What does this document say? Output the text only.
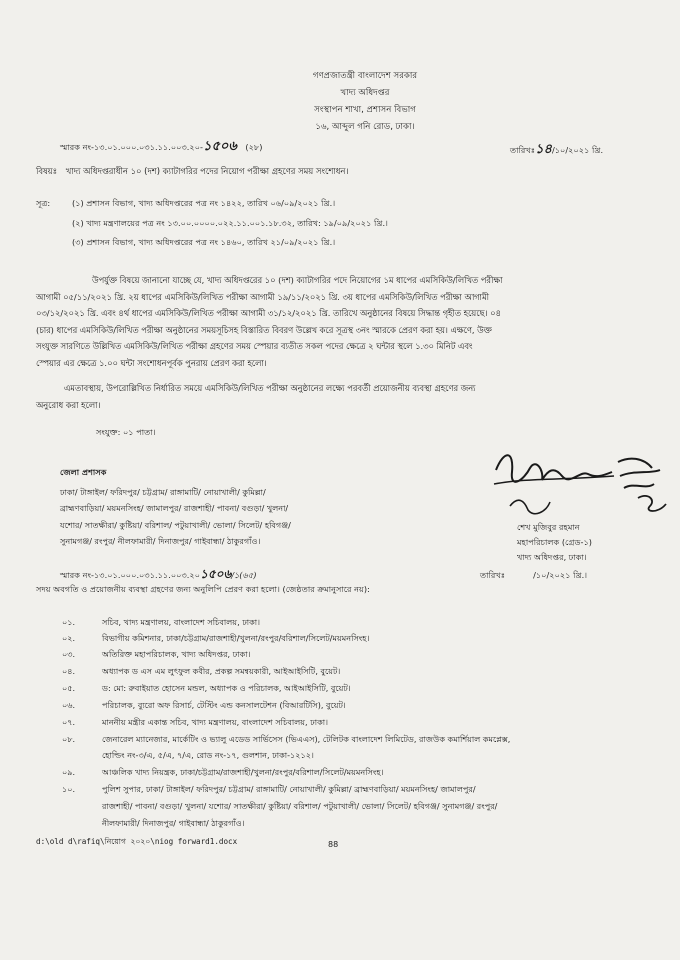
গণপ্রজাতন্ত্রী বাংলাদেশ সরকার
খাদ্য অধিদপ্তর
সংস্থাপন শাখা, প্রশাসন বিভাগ
১৬, আব্দুল গনি রোড, ঢাকা।
স্মারক নং-১৩.০১.০০০.০৩১.১১.০০৩.২০-১৫০৬ (২৮)	তারিখঃ১৪/১০/২০২১ খ্রি.
বিষয়ঃ খাদ্য অধিদপ্তরাধীন ১০ (দশ) ক্যাটাগরির পদের নিয়োগ পরীক্ষা গ্রহণের সময় সংশোধন।
সূত্র:	(১) প্রশাসন বিভাগ, খাদ্য অধিদপ্তরের পত্র নং ১৪২২, তারিখ ০৬/০৯/২০২১ খ্রি.।
(২) খাদ্য মন্ত্রণালয়ের পত্র নং ১৩.০০.০০০০.০২২.১১.০০১.১৮.৩২, তারিখ: ১৯/০৯/২০২১ খ্রি.।
(৩) প্রশাসন বিভাগ, খাদ্য অধিদপ্তরের পত্র নং ১৪৬০, তারিখ ২১/০৯/২০২১ খ্রি.।
উপর্যুক্ত বিষয়ে জানানো যাচ্ছে যে, খাদ্য অধিদপ্তরের ১০ (দশ) ক্যাটাগরির পদে নিয়োগের ১ম ধাপের এমসিকিউ/লিখিত পরীক্ষা
আগামী ০৫/১১/২০২১ খ্রি. ২য় ধাপের এমসিকিউ/লিখিত পরীক্ষা আগামী ১৯/১১/২০২১ খ্রি. ৩য় ধাপের এমসিকিউ/লিখিত পরীক্ষা আগামী
০৩/১২/২০২১ খ্রি. এবং ৪র্থ ধাপের এমসিকিউ/লিখিত পরীক্ষা আগামী ৩১/১২/২০২১ খ্রি. তারিখে অনুষ্ঠানের বিষয়ে সিদ্ধান্ত গৃহীত হয়েছে। ০৪
(চার) ধাপের এমসিকিউ/লিখিত পরীক্ষা অনুষ্ঠানের সময়সূচিসহ বিস্তারিত বিবরণ উল্লেখ করে সূত্রস্থ ৩নং স্মারকে প্রেরণ করা হয়। এক্ষণে, উক্ত
সংযুক্ত সারণিতে উল্লিখিত এমসিকিউ/লিখিত পরীক্ষা গ্রহণের সময় স্পেয়ার ব্যতীত সকল পদের ক্ষেত্রে ২ ঘন্টার স্থলে ১.৩০ মিনিট এবং
স্পেয়ার এর ক্ষেত্রে ১.০০ ঘন্টা সংশোধনপূর্বক পুনরায় প্রেরণ করা হলো।
এমতাবস্থায়, উপরোল্লিখিত নির্ধারিত সময়ে এমসিকিউ/লিখিত পরীক্ষা অনুষ্ঠানের লক্ষ্যে পরবর্তী প্রয়োজনীয় ব্যবস্থা গ্রহণের জন্য
অনুরোধ করা হলো।
সংযুক্ত: ০১ পাতা।
জেলা প্রশাসক
ঢাকা/ টাঙ্গাইল/ ফরিদপুর/ চট্টগ্রাম/ রাঙ্গামাটি/ নোয়াখালী/ কুমিল্লা/
ব্রাহ্মণবাড়িয়া/ ময়মনসিংহ/ জামালপুর/ রাজশাহী/ পাবনা/ বগুড়া/ খুলনা/
যশোর/ সাতক্ষীরা/ কুষ্টিয়া/ বরিশাল/ পটুয়াখালী/ ভোলা/ সিলেট/ হবিগঞ্জ/
সুনামগঞ্জ/ রংপুর/ নীলফামারী/ দিনাজপুর/ গাইবান্ধা/ ঠাকুরগাঁও।
শেখ মুজিবুর রহমান
মহাপরিচালক (গ্রেড-১)
খাদ্য অধিদপ্তর, ঢাকা।
স্মারক নং-১৩.০১.০০০.০৩১.১১.০০৩.২০১৫০৬/১(৬৫)	তারিখঃ	/১০/২০২১ খ্রি.।
সদয় অবগতি ও প্রয়োজনীয় ব্যবস্থা গ্রহণের জন্য অনুলিপি প্রেরণ করা হলো। (জেষ্ঠতার ক্রমানুসারে নয়):
০১.	সচিব, খাদ্য মন্ত্রণালয়, বাংলাদেশ সচিবালয়, ঢাকা।
০২.	বিভাগীয় কমিশনার, ঢাকা/চট্টগ্রাম/রাজশাহী/খুলনা/রংপুর/বরিশাল/সিলেট/ময়মনসিংহ।
০৩.	অতিরিক্ত মহাপরিচালক, খাদ্য অধিদপ্তর, ঢাকা।
০৪.	অধ্যাপক ড এস এম লুৎফুল কবীর, প্রকল্প সমন্বয়কারী, আইআইসিটি, বুয়েট।
০৫.	ড: মো: রুবাইয়াত হোসেন মন্ডল, অধ্যাপক ও পরিচালক, আইআইসিটি, বুয়েট।
০৬.	পরিচালক, ব্যুরো অফ রিসার্চ, টেস্টিং এন্ড কনসালটেশন (বিআরটিসি), বুয়েট।
০৭.	মাননীয় মন্ত্রীর একান্ত সচিব, খাদ্য মন্ত্রণালয়, বাংলাদেশ সচিবালয়, ঢাকা।
০৮.	জেনারেল ম্যানেজার, মার্কেটিং ও ভ্যালু এডেড সার্ভিসেস (ভিএএস), টেলিটক বাংলাদেশ লিমিটেড, রাজউক কমার্শিয়াল কমপ্লেক্স,
হোল্ডিং নং-৩/এ, ৫/এ, ৭/এ, রোড নং-১৭, গুলশান, ঢাকা-১২১২।
০৯.	আঞ্চলিক খাদ্য নিয়ন্ত্রক, ঢাকা/চট্টগ্রাম/রাজশাহী/খুলনা/রংপুর/বরিশাল/সিলেট/ময়মনসিংহ।
১০.	পুলিশ সুপার, ঢাকা/ টাঙ্গাইল/ ফরিদপুর/ চট্টগ্রাম/ রাঙ্গামাটি/ নোয়াখালী/ কুমিল্লা/ ব্রাহ্মণবাড়িয়া/ ময়মনসিংহ/ জামালপুর/
রাজশাহী/ পাবনা/ বগুড়া/ খুলনা/ যশোর/ সাতক্ষীরা/ কুষ্টিয়া/ বরিশাল/ পটুয়াখালী/ ভোলা/ সিলেট/ হবিগঞ্জ/ সুনামগঞ্জ/ রংপুর/
নীলফামারী/ দিনাজপুর/ গাইবান্ধা/ ঠাকুরগাঁও।
d:\old d\rafiq\নিয়োগ ২০২০\niog forward1.docx	88
